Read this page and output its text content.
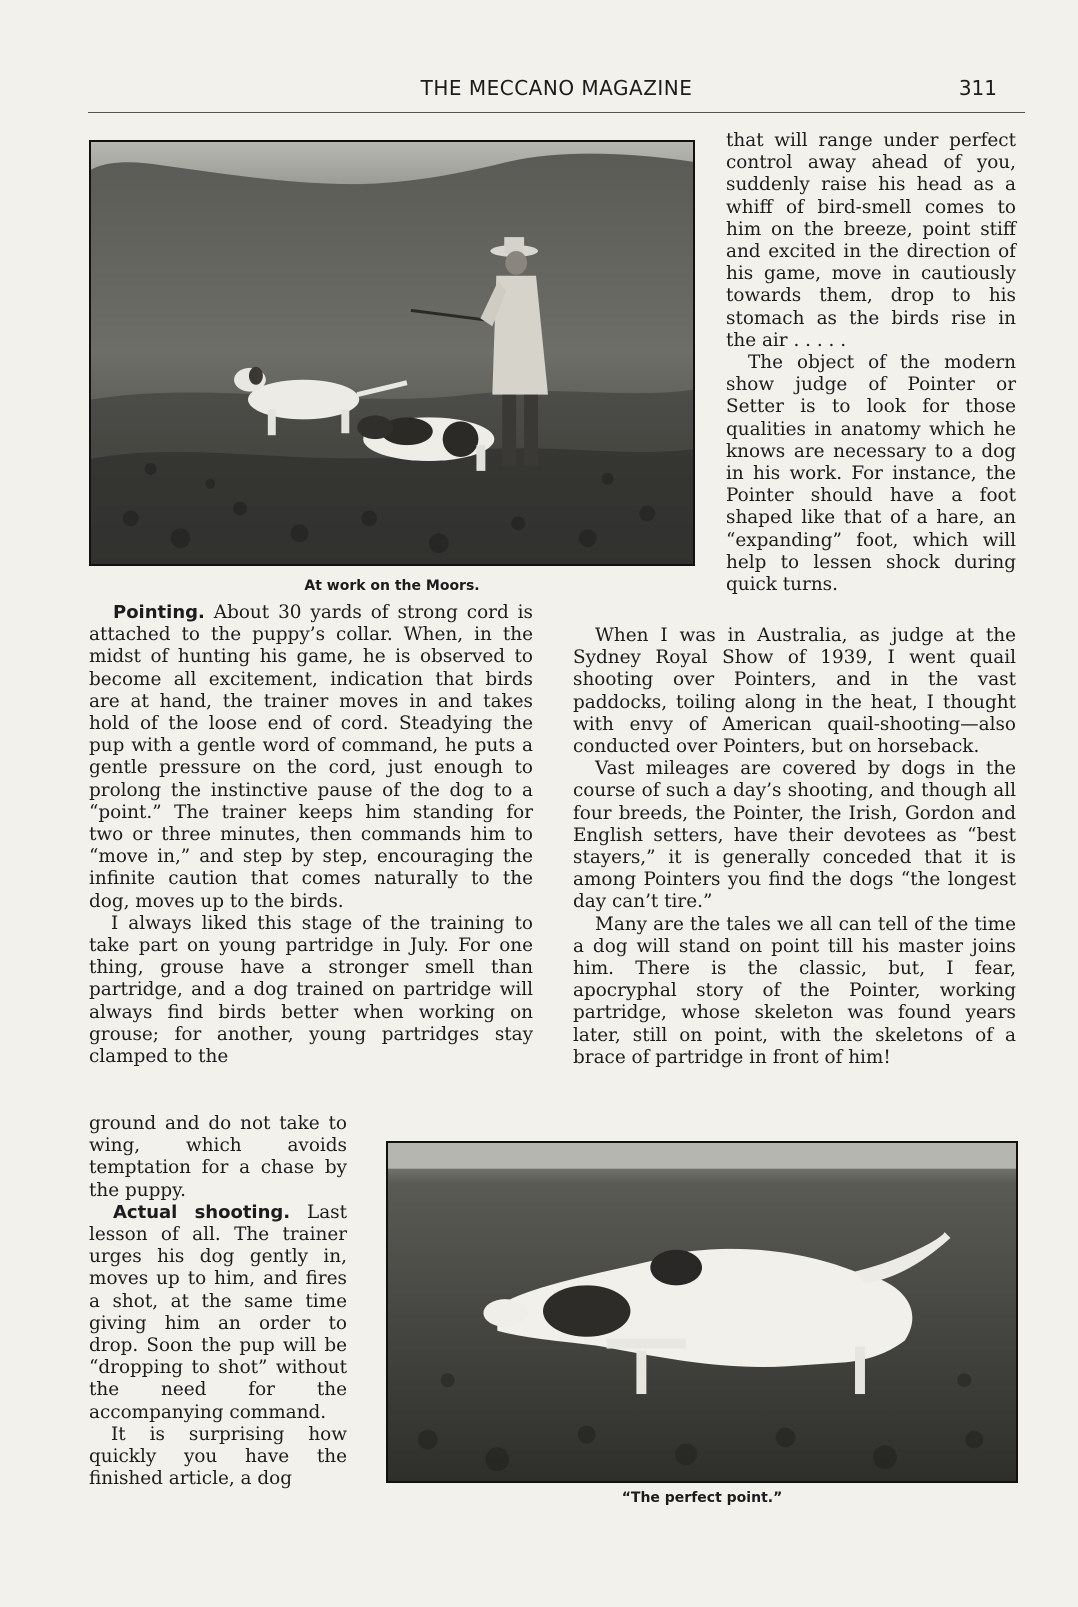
THE MECCANO MAGAZINE	311
At work on the Moors.

that will range under perfect control away ahead of you, suddenly raise his head as a whiff of bird-smell comes to him on the breeze, point stiff and excited in the direction of his game, move in cautiously towards them, drop to his stomach as the birds rise in the air . . . . .

The object of the modern show judge of Pointer or Setter is to look for those qualities in anatomy which he knows are necessary to a dog in his work. For instance, the Pointer should have a foot shaped like that of a hare, an “expanding” foot, which will help to lessen shock during quick turns.

Pointing. About 30 yards of strong cord is attached to the puppy’s collar. When, in the midst of hunting his game, he is observed to become all excitement, indication that birds are at hand, the trainer moves in and takes hold of the loose end of cord. Steadying the pup with a gentle word of command, he puts a gentle pressure on the cord, just enough to prolong the instinctive pause of the dog to a “point.” The trainer keeps him standing for two or three minutes, then commands him to “move in,” and step by step, encouraging the infinite caution that comes naturally to the dog, moves up to the birds.

I always liked this stage of the training to take part on young partridge in July. For one thing, grouse have a stronger smell than partridge, and a dog trained on partridge will always find birds better when working on grouse; for another, young partridges stay clamped to the

When I was in Australia, as judge at the Sydney Royal Show of 1939, I went quail shooting over Pointers, and in the vast paddocks, toiling along in the heat, I thought with envy of American quail-shooting—also conducted over Pointers, but on horseback.

Vast mileages are covered by dogs in the course of such a day’s shooting, and though all four breeds, the Pointer, the Irish, Gordon and English setters, have their devotees as “best stayers,” it is generally conceded that it is among Pointers you find the dogs “the longest day can’t tire.”

Many are the tales we all can tell of the time a dog will stand on point till his master joins him. There is the classic, but, I fear, apocryphal story of the Pointer, working partridge, whose skeleton was found years later, still on point, with the skeletons of a brace of partridge in front of him!

ground and do not take to wing, which avoids temptation for a chase by the puppy.

Actual shooting. Last lesson of all. The trainer urges his dog gently in, moves up to him, and fires a shot, at the same time giving him an order to drop. Soon the pup will be “dropping to shot” without the need for the accompanying command.

It is surprising how quickly you have the finished article, a dog

“The perfect point.”
